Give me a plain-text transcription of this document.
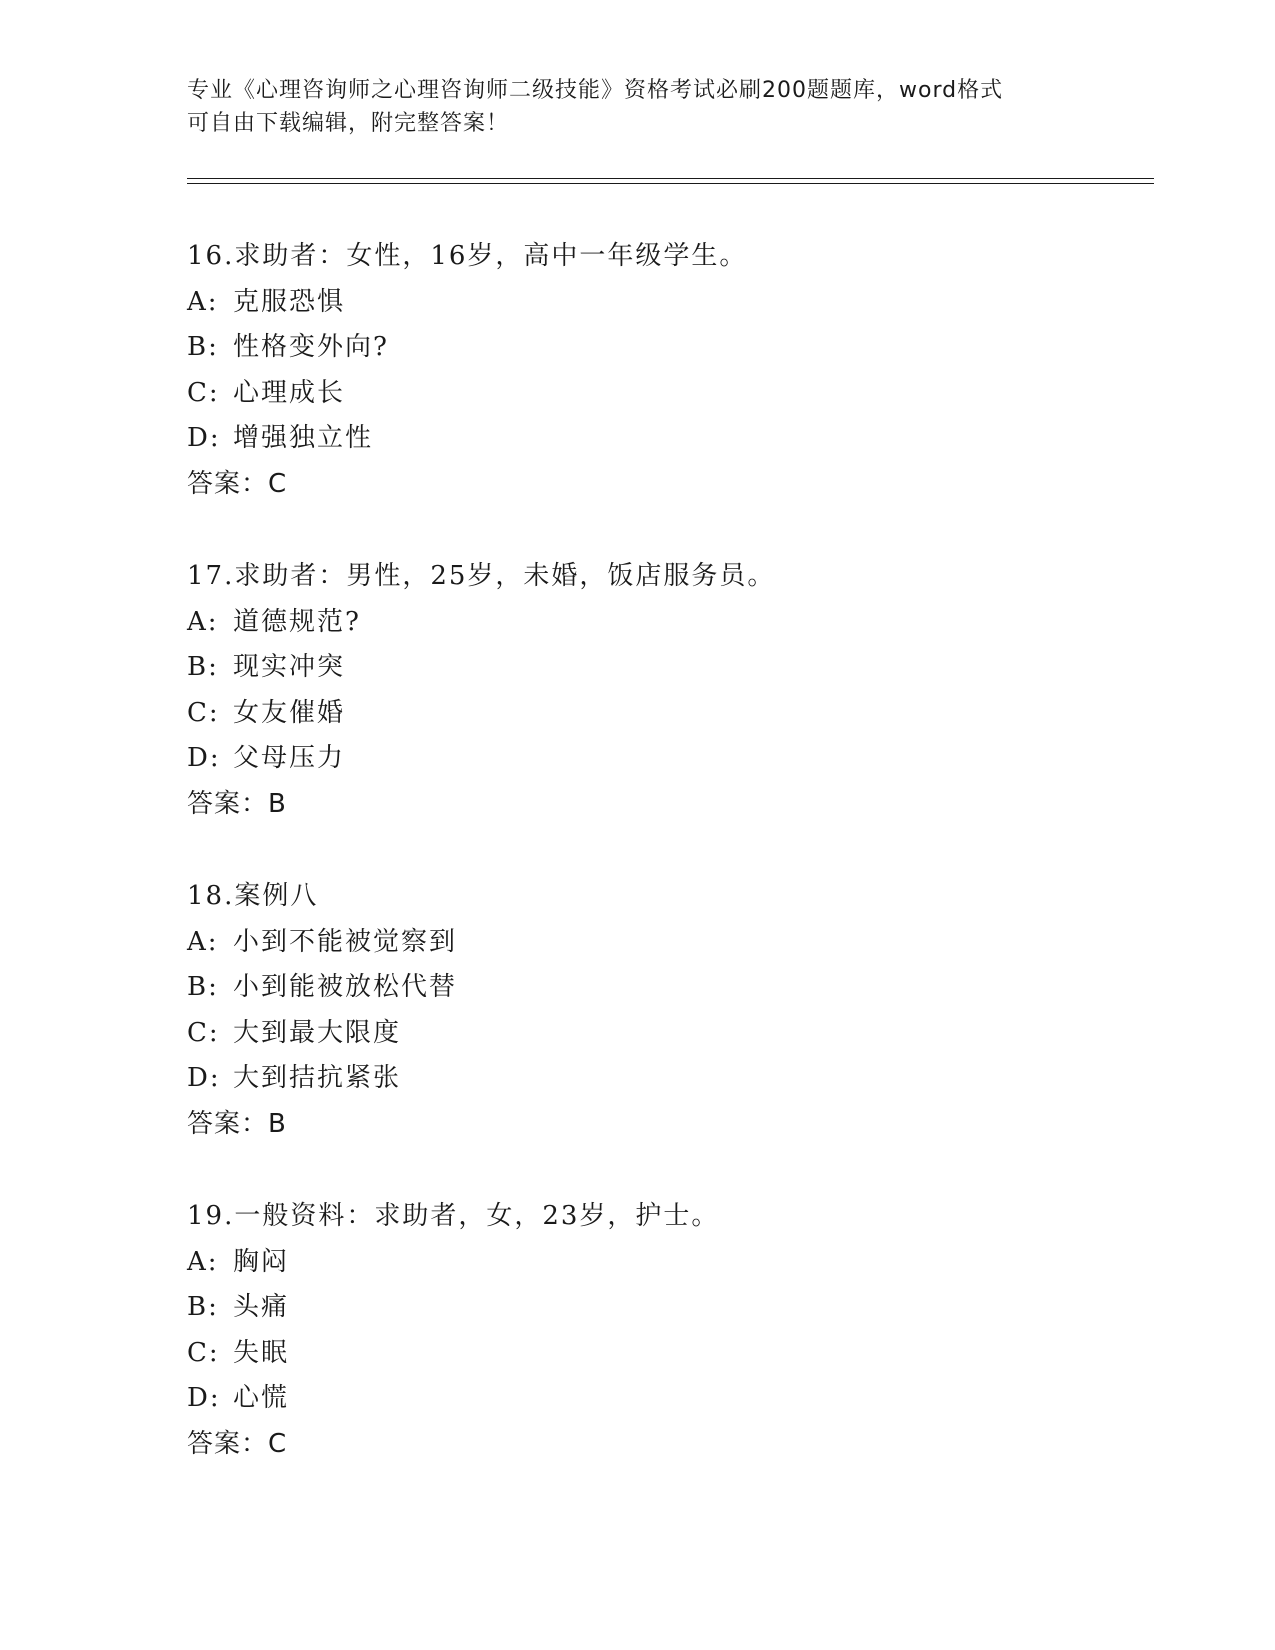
专业《心理咨询师之心理咨询师二级技能》资格考试必刷200题题库，word格式
可自由下载编辑，附完整答案！
16.求助者：女性，16岁，高中一年级学生。
A: 克服恐惧
B: 性格变外向?
C: 心理成长
D: 增强独立性
答案：C
17.求助者：男性，25岁，未婚，饭店服务员。
A: 道德规范?
B: 现实冲突
C: 女友催婚
D: 父母压力
答案：B
18.案例八
A: 小到不能被觉察到
B: 小到能被放松代替
C: 大到最大限度
D: 大到拮抗紧张
答案：B
19.一般资料：求助者，女，23岁，护士。
A: 胸闷
B: 头痛
C: 失眠
D: 心慌
答案：C
